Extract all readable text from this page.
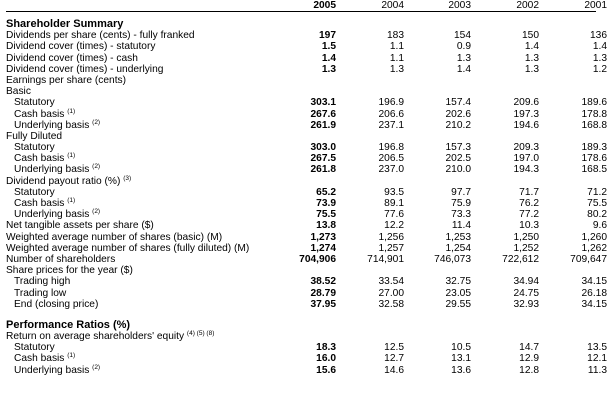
2005	2004	2003	2002	2001
Shareholder Summary
Dividends per share (cents) - fully franked	197	183	154	150	136
Dividend cover (times) - statutory	1.5	1.1	0.9	1.4	1.4
Dividend cover (times) - cash	1.4	1.1	1.3	1.3	1.3
Dividend cover (times) - underlying	1.3	1.3	1.4	1.3	1.2
Earnings per share (cents)
Basic
Statutory	303.1	196.9	157.4	209.6	189.6
Cash basis $^{(1)}$	267.6	206.6	202.6	197.3	178.8
Underlying basis $^{(2)}$	261.9	237.1	210.2	194.6	168.8
Fully Diluted
Statutory	303.0	196.8	157.3	209.3	189.3
Cash basis $^{(1)}$	267.5	206.5	202.5	197.0	178.6
Underlying basis $^{(2)}$	261.8	237.0	210.0	194.3	168.5
Dividend payout ratio (%) $^{(3)}$
Statutory	65.2	93.5	97.7	71.7	71.2
Cash basis $^{(1)}$	73.9	89.1	75.9	76.2	75.5
Underlying basis $^{(2)}$	75.5	77.6	73.3	77.2	80.2
Net tangible assets per share ($)	13.8	12.2	11.4	10.3	9.6
Weighted average number of shares (basic) (M)	1,273	1,256	1,253	1,250	1,260
Weighted average number of shares (fully diluted) (M)	1,274	1,257	1,254	1,252	1,262
Number of shareholders	704,906	714,901	746,073	722,612	709,647
Share prices for the year ($)
Trading high	38.52	33.54	32.75	34.94	34.15
Trading low	28.79	27.00	23.05	24.75	26.18
End (closing price)	37.95	32.58	29.55	32.93	34.15
Performance Ratios (%)
Return on average shareholders' equity $^{(4) (5) (8)}$
Statutory	18.3	12.5	10.5	14.7	13.5
Cash basis $^{(1)}$	16.0	12.7	13.1	12.9	12.1
Underlying basis $^{(2)}$	15.6	14.6	13.6	12.8	11.3
